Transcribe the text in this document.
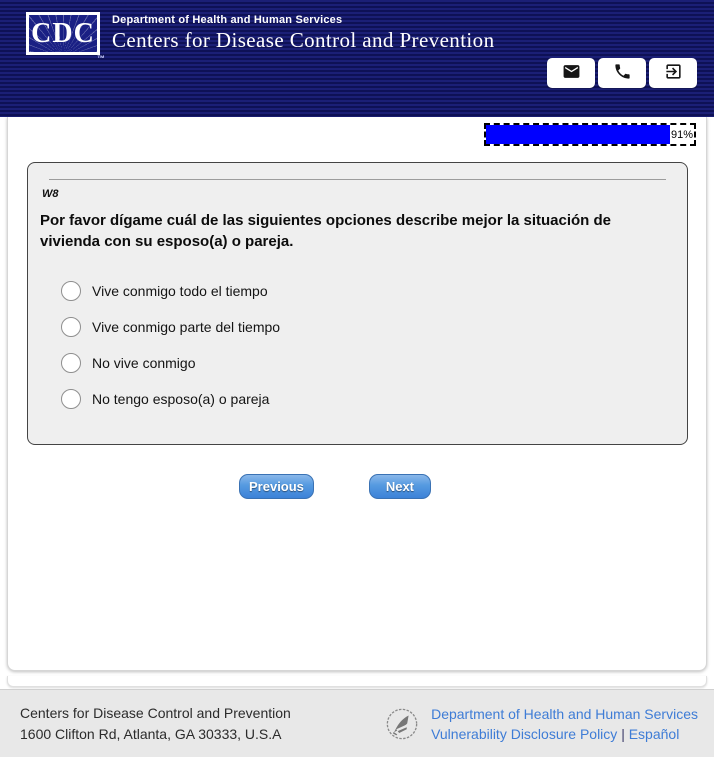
CDC
™
Department of Health and Human Services
Centers for Disease Control and Prevention
91%
W8

Por favor dígame cuál de las siguientes opciones describe mejor la situación de vivienda con su esposo(a) o pareja.

Vive conmigo todo el tiempo
Vive conmigo parte del tiempo
No vive conmigo
No tengo esposo(a) o pareja
Previous	Next
Centers for Disease Control and Prevention
1600 Clifton Rd, Atlanta, GA 30333, U.S.A
Department of Health and Human Services
Vulnerability Disclosure Policy | Español
